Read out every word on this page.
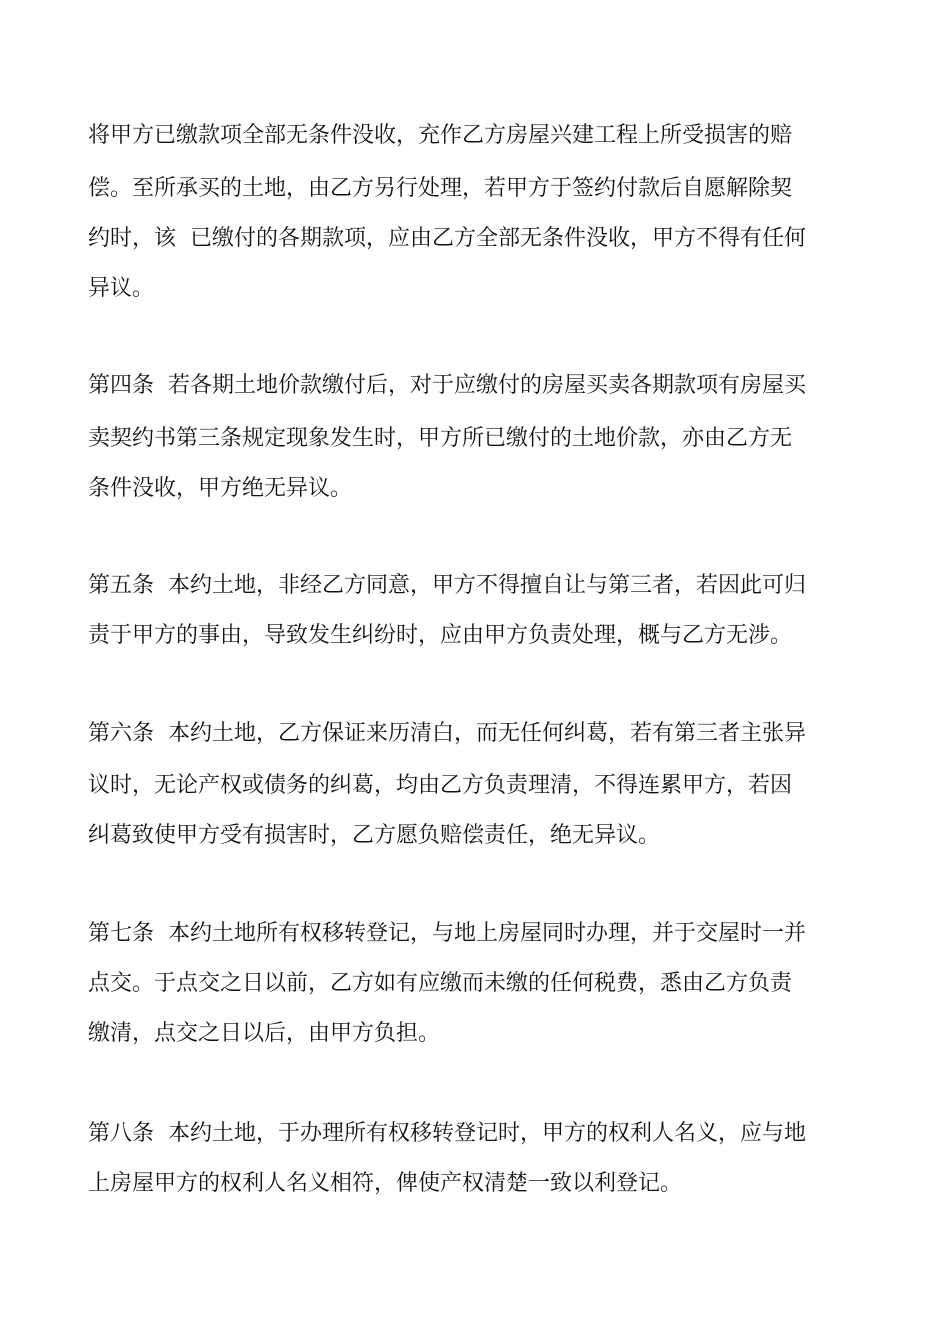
将甲方已缴款项全部无条件没收，充作乙方房屋兴建工程上所受损害的赔

偿。至所承买的土地，由乙方另行处理，若甲方于签约付款后自愿解除契

约时，该  已缴付的各期款项，应由乙方全部无条件没收，甲方不得有任何

异议。

第四条  若各期土地价款缴付后，对于应缴付的房屋买卖各期款项有房屋买

卖契约书第三条规定现象发生时，甲方所已缴付的土地价款，亦由乙方无

条件没收，甲方绝无异议。

第五条  本约土地，非经乙方同意，甲方不得擅自让与第三者，若因此可归

责于甲方的事由，导致发生纠纷时，应由甲方负责处理，概与乙方无涉。

第六条  本约土地，乙方保证来历清白，而无任何纠葛，若有第三者主张异

议时，无论产权或债务的纠葛，均由乙方负责理清，不得连累甲方，若因

纠葛致使甲方受有损害时，乙方愿负赔偿责任，绝无异议。

第七条  本约土地所有权移转登记，与地上房屋同时办理，并于交屋时一并

点交。于点交之日以前，乙方如有应缴而未缴的任何税费，悉由乙方负责

缴清，点交之日以后，由甲方负担。

第八条  本约土地，于办理所有权移转登记时，甲方的权利人名义，应与地

上房屋甲方的权利人名义相符，俾使产权清楚一致以利登记。
